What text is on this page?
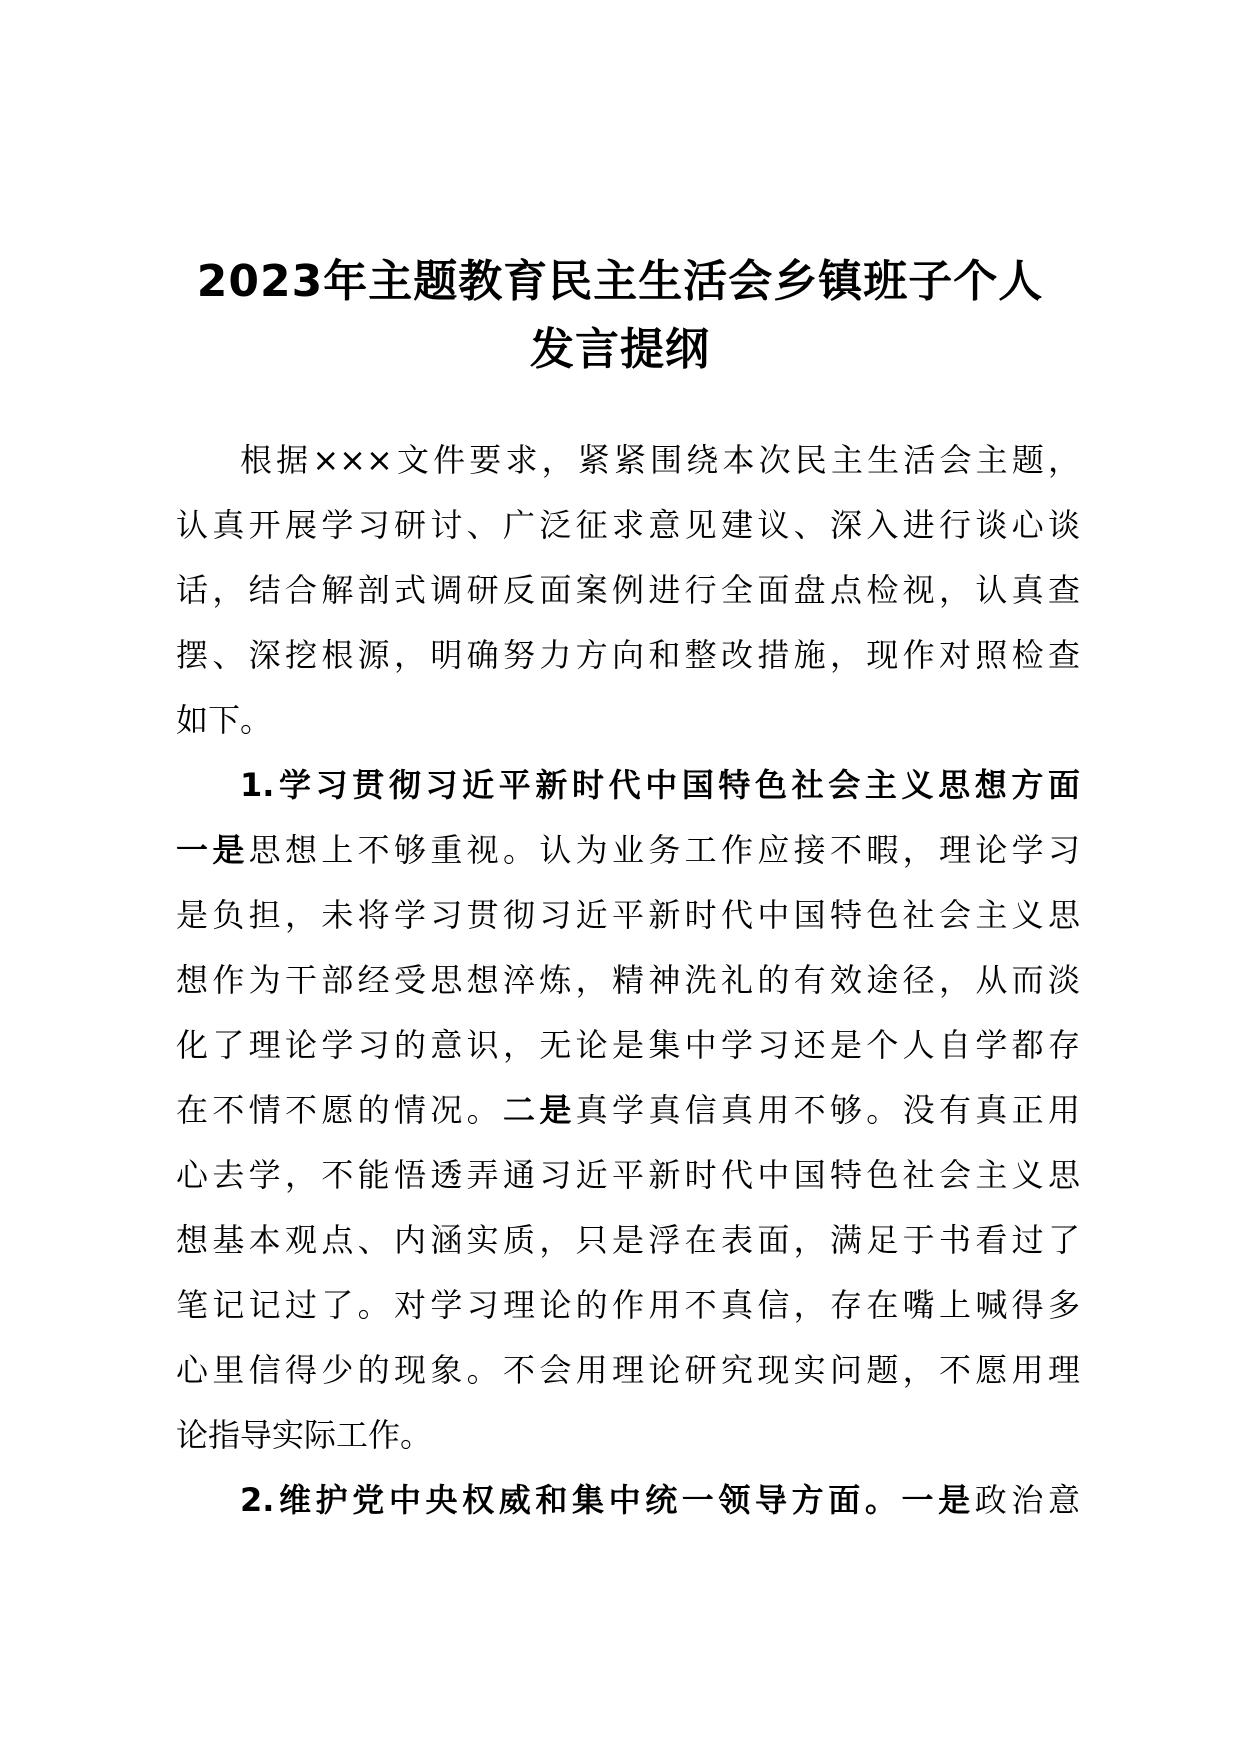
2023年主题教育民主生活会乡镇班子个人
发言提纲
根据×××文件要求，紧紧围绕本次民主生活会主题，
认真开展学习研讨、广泛征求意见建议、深入进行谈心谈
话，结合解剖式调研反面案例进行全面盘点检视，认真查
摆、深挖根源，明确努力方向和整改措施，现作对照检查
如下。
1.学习贯彻习近平新时代中国特色社会主义思想方面
一是思想上不够重视。认为业务工作应接不暇，理论学习
是负担，未将学习贯彻习近平新时代中国特色社会主义思
想作为干部经受思想淬炼，精神洗礼的有效途径，从而淡
化了理论学习的意识，无论是集中学习还是个人自学都存
在不情不愿的情况。二是真学真信真用不够。没有真正用
心去学，不能悟透弄通习近平新时代中国特色社会主义思
想基本观点、内涵实质，只是浮在表面，满足于书看过了
笔记记过了。对学习理论的作用不真信，存在嘴上喊得多
心里信得少的现象。不会用理论研究现实问题，不愿用理
论指导实际工作。
2.维护党中央权威和集中统一领导方面。一是政治意
